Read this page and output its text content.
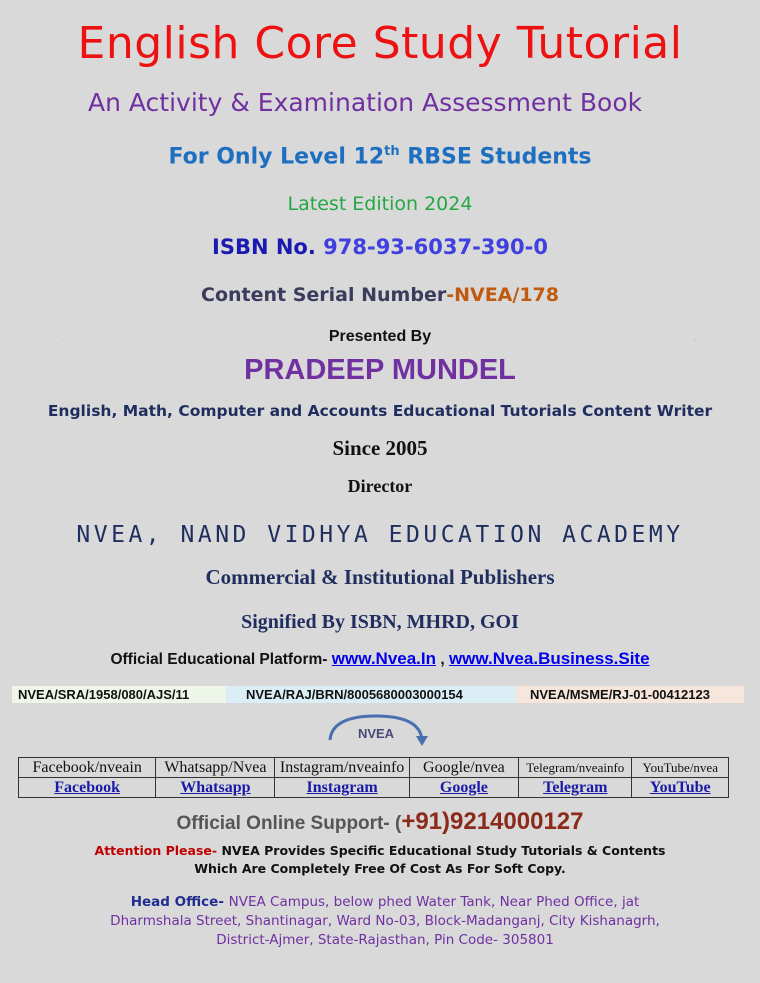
English Core Study Tutorial
An Activity & Examination Assessment Book
For Only Level 12th RBSE Students
Latest Edition 2024
ISBN No. 978-93-6037-390-0
Content Serial Number-NVEA/178
.	.
Presented By
PRADEEP MUNDEL
English, Math, Computer and Accounts Educational Tutorials Content Writer
Since 2005
Director
NVEA, NAND VIDHYA EDUCATION ACADEMY
Commercial & Institutional Publishers
Signified By ISBN, MHRD, GOI
Official Educational Platform- www.Nvea.In , www.Nvea.Business.Site
NVEA/SRA/1958/080/AJS/11	NVEA/RAJ/BRN/8005680003000154	NVEA/MSME/RJ-01-00412123
NVEA
Facebook/nveain	Whatsapp/Nvea	Instagram/nveainfo	Google/nvea	Telegram/nveainfo	YouTube/nvea
Facebook	Whatsapp	Instagram	Google	Telegram	YouTube
Official Online Support- (+91)9214000127
Attention Please- NVEA Provides Specific Educational Study Tutorials & Contents Which Are Completely Free Of Cost As For Soft Copy.
Head Office- NVEA Campus, below phed Water Tank, Near Phed Office, jat Dharmshala Street, Shantinagar, Ward No-03, Block-Madanganj, City Kishanagrh, District-Ajmer, State-Rajasthan, Pin Code- 305801
